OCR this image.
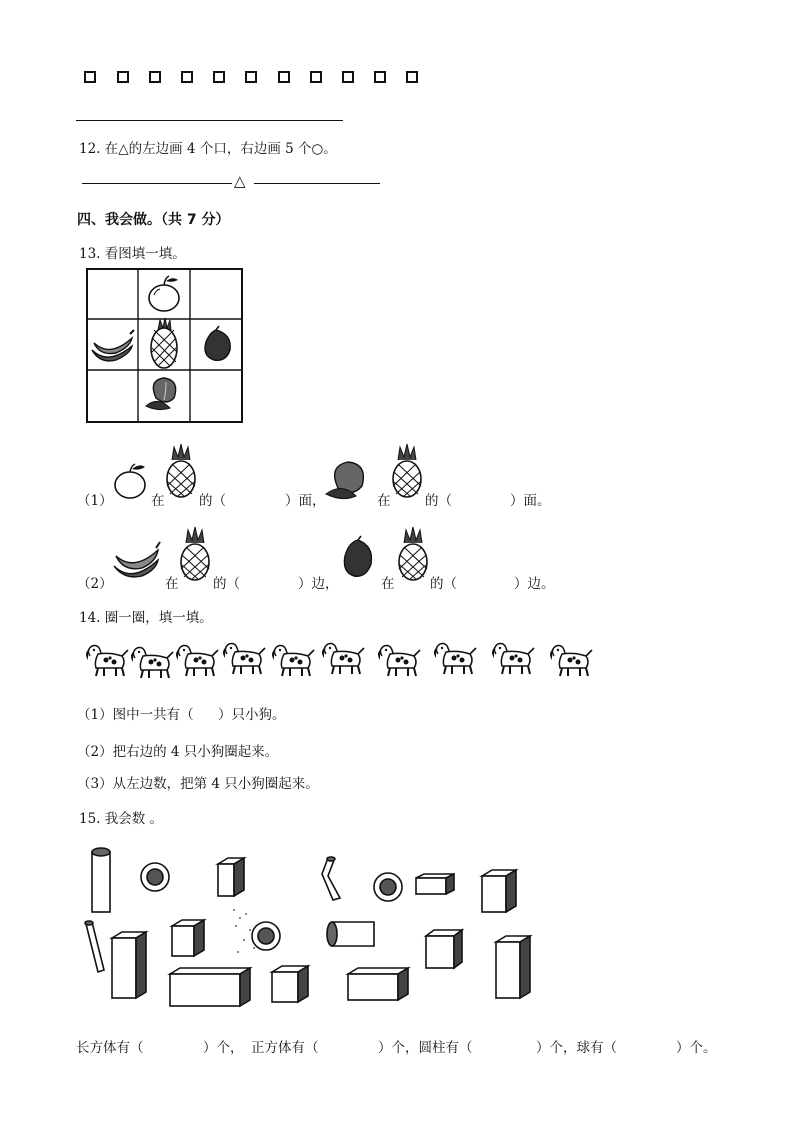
12. 在△的左边画 4 个口，右边画 5 个○。
△
四、我会做。（共 7 分）
13. 看图填一填。
（1）	在	的（	）面，	在	的（	）面。
（2）	在	的（	）边，	在	的（	）边。
14. 圈一圈，填一填。
（1）图中一共有（ ）只小狗。
（2）把右边的 4 只小狗圈起来。
（3）从左边数，把第 4 只小狗圈起来。
15. 我会数 。
长方体有（	）个， 正方体有（	）个，圆柱有（	）个，球有（	）个。
